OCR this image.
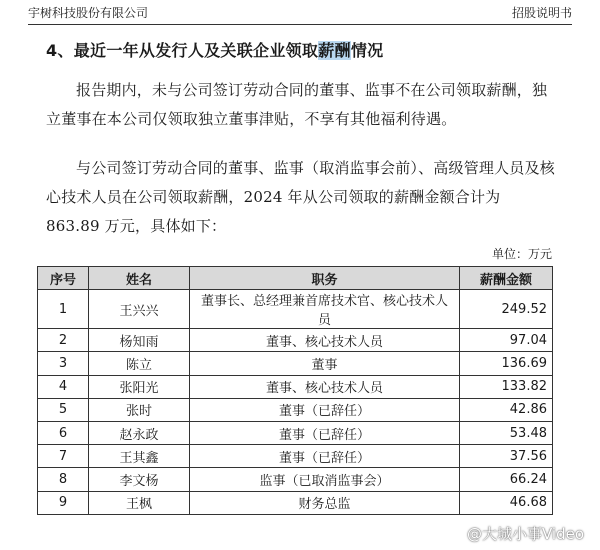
宇树科技股份有限公司	招股说明书
4、最近一年从发行人及关联企业领取薪酬情况
报告期内，未与公司签订劳动合同的董事、监事不在公司领取薪酬，独立董事在本公司仅领取独立董事津贴，不享有其他福利待遇。
与公司签订劳动合同的董事、监事（取消监事会前）、高级管理人员及核心技术人员在公司领取薪酬，2024 年从公司领取的薪酬金额合计为 863.89 万元，具体如下：
单位：万元
序号	姓名	职务	薪酬金额
1	王兴兴	董事长、总经理兼首席技术官、核心技术人员	249.52
2	杨知雨	董事、核心技术人员	97.04
3	陈立	董事	136.69
4	张阳光	董事、核心技术人员	133.82
5	张时	董事（已辞任）	42.86
6	赵永政	董事（已辞任）	53.48
7	王其鑫	董事（已辞任）	37.56
8	李文杨	监事（已取消监事会）	66.24
9	王枫	财务总监	46.68
@大城小事Video
